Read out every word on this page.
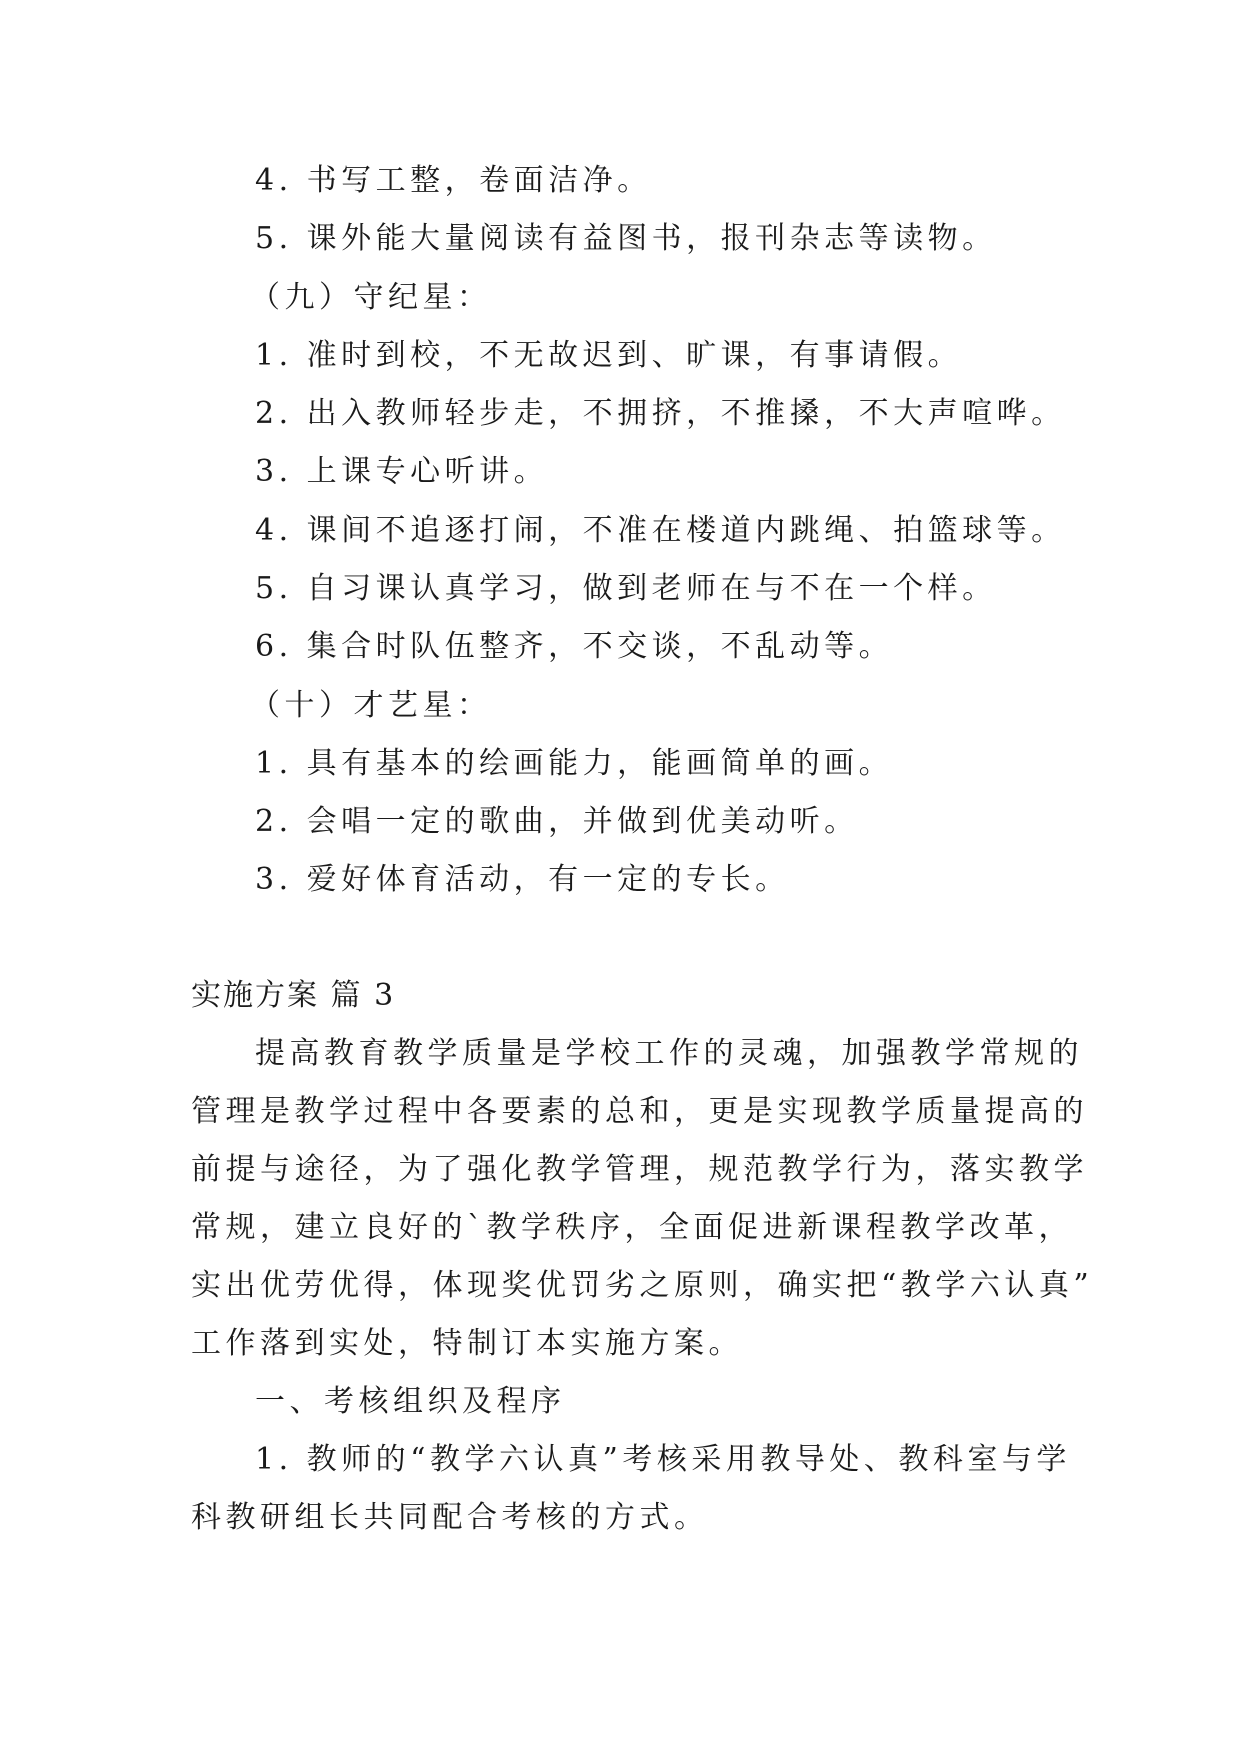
4. 书写工整，卷面洁净。
5. 课外能大量阅读有益图书，报刊杂志等读物。
（九）守纪星：
1. 准时到校，不无故迟到、旷课，有事请假。
2. 出入教师轻步走，不拥挤，不推搡，不大声喧哗。
3. 上课专心听讲。
4. 课间不追逐打闹，不准在楼道内跳绳、拍篮球等。
5. 自习课认真学习，做到老师在与不在一个样。
6. 集合时队伍整齐，不交谈，不乱动等。
（十）才艺星：
1. 具有基本的绘画能力，能画简单的画。
2. 会唱一定的歌曲，并做到优美动听。
3. 爱好体育活动，有一定的专长。
实施方案 篇 3
提高教育教学质量是学校工作的灵魂，加强教学常规的
管理是教学过程中各要素的总和，更是实现教学质量提高的
前提与途径，为了强化教学管理，规范教学行为，落实教学
常规，建立良好的`教学秩序，全面促进新课程教学改革，
实出优劳优得，体现奖优罚劣之原则，确实把“教学六认真”
工作落到实处，特制订本实施方案。
一、考核组织及程序
1. 教师的“教学六认真”考核采用教导处、教科室与学
科教研组长共同配合考核的方式。
